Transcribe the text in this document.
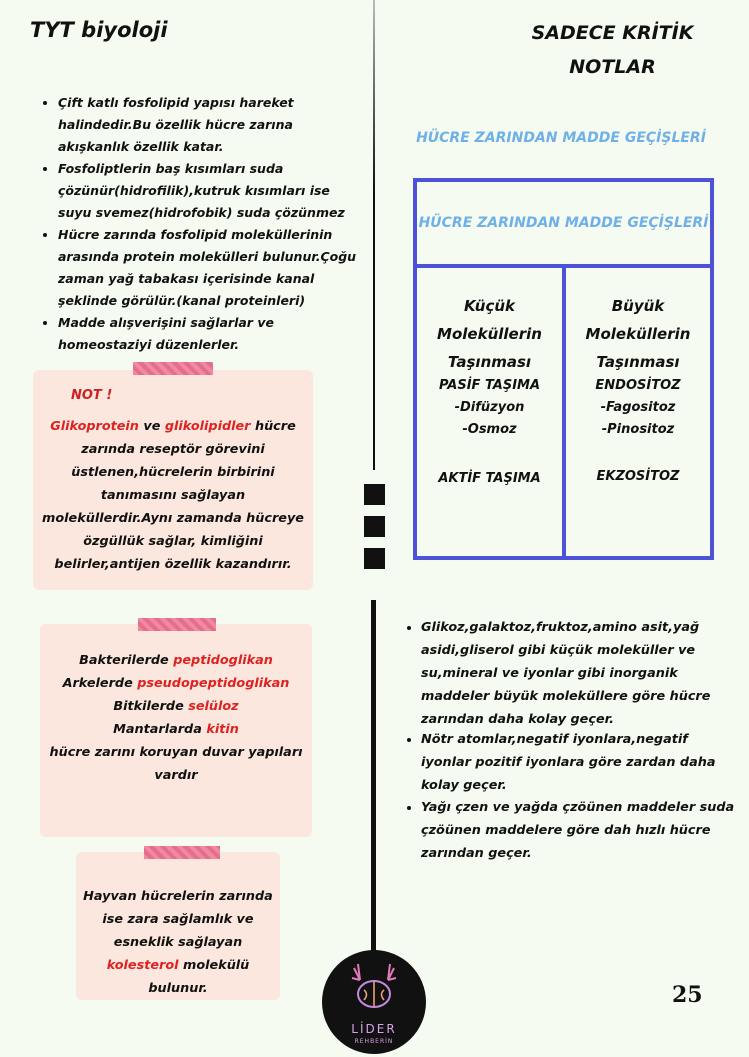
TYT biyoloji	SADECE KRİTİK
NOTLAR
• Çift katlı fosfolipid yapısı hareket halindedir.Bu özellik hücre zarına akışkanlık özellik katar.
• Fosfoliptlerin baş kısımları suda çözünür(hidrofilik),kutruk kısımları ise suyu svemez(hidrofobik) suda çözünmez
• Hücre zarında fosfolipid moleküllerinin arasında protein molekülleri bulunur.Çoğu zaman yağ tabakası içerisinde kanal şeklinde görülür.(kanal proteinleri)
• Madde alışverişini sağlarlar ve homeostaziyi düzenlerler.
NOT !
Glikoprotein ve glikolipidler hücre zarında reseptör görevini üstlenen,hücrelerin birbirini tanımasını sağlayan moleküllerdir.Aynı zamanda hücreye özgüllük sağlar, kimliğini belirler,antijen özellik kazandırır.
Bakterilerde peptidoglikan
Arkelerde pseudopeptidoglikan
Bitkilerde selüloz
Mantarlarda kitin
hücre zarını koruyan duvar yapıları vardır
Hayvan hücrelerin zarında ise zara sağlamlık ve esneklik sağlayan kolesterol molekülü bulunur.
HÜCRE ZARINDAN MADDE GEÇİŞLERİ
HÜCRE ZARINDAN MADDE GEÇİŞLERİ
Küçük Moleküllerin
Taşınması
PASİF TAŞIMA
-Difüzyon
-Osmoz
AKTİF TAŞIMA
Büyük Moleküllerin
Taşınması
ENDOSİTOZ
-Fagositoz
-Pinositoz
EKZOSİTOZ
• Glikoz,galaktoz,fruktoz,amino asit,yağ asidi,gliserol gibi küçük moleküller ve su,mineral ve iyonlar gibi inorganik maddeler büyük moleküllere göre hücre zarından daha kolay geçer.
• Nötr atomlar,negatif iyonlara,negatif iyonlar pozitif iyonlara göre zardan daha kolay geçer.
• Yağı çzen ve yağda çzöünen maddeler suda çzöünen maddelere göre dah hızlı hücre zarından geçer.
LİDER
REHBERİN
25
